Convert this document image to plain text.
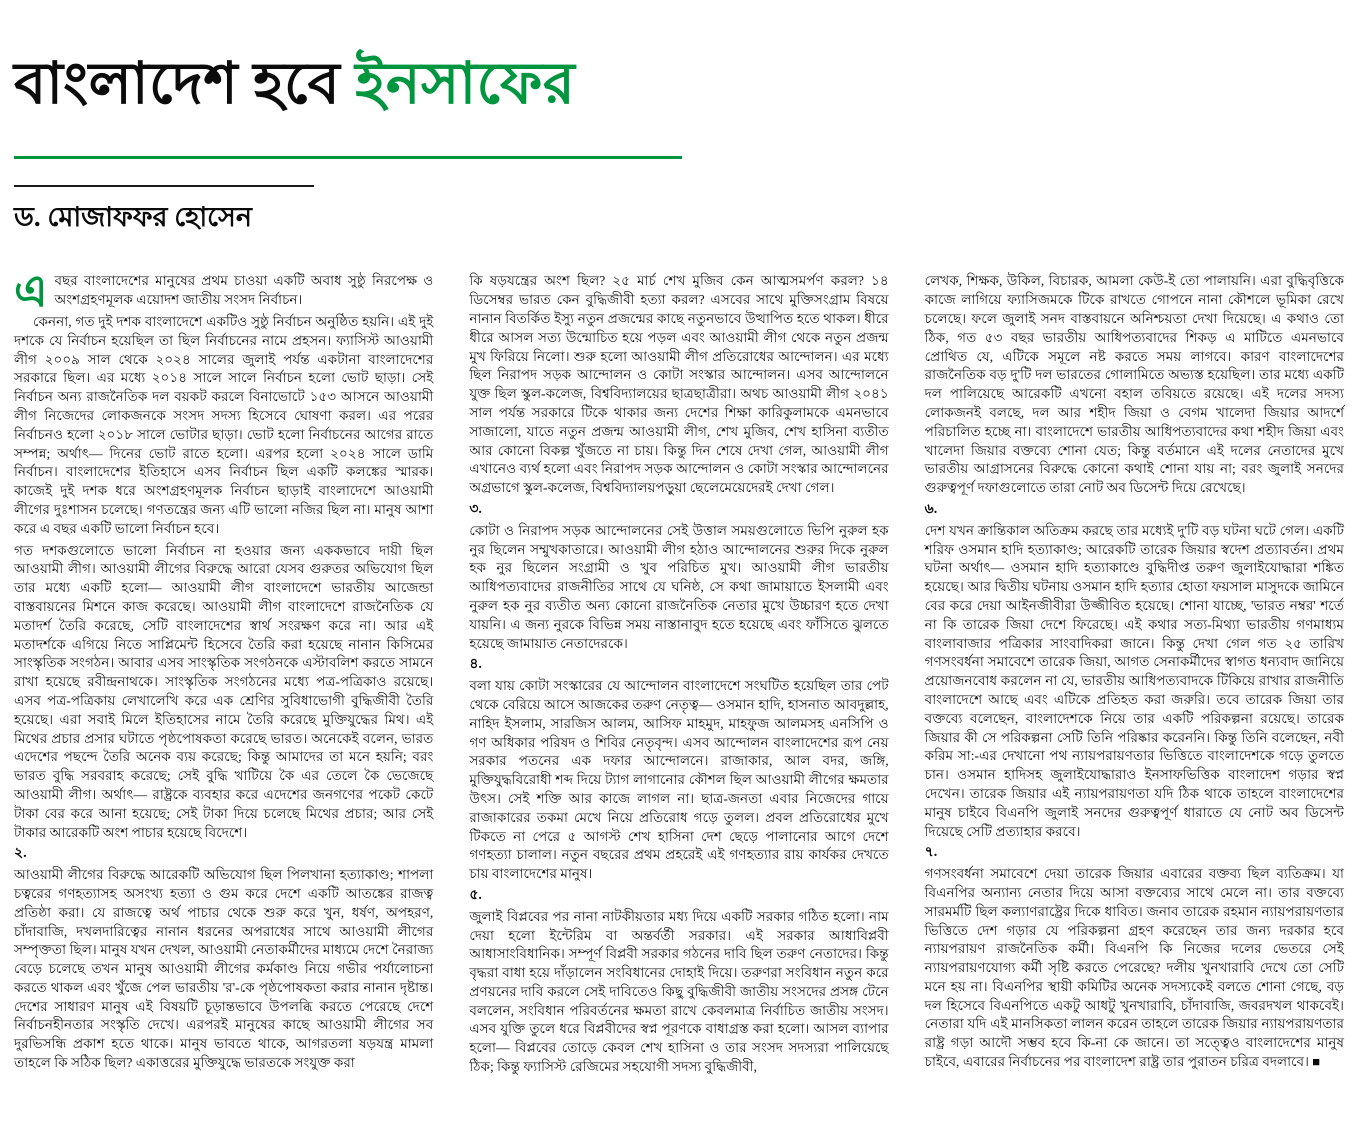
বাংলাদেশ হবে ইনসাফের
ড. মোজাফফর হোসেন

এবছর বাংলাদেশের মানুষের প্রথম চাওয়া একটি অবাধ সুষ্ঠু নিরপেক্ষ ও অংশগ্রহণমূলক এয়োদশ জাতীয় সংসদ নির্বাচন।

কেননা, গত দুই দশক বাংলাদেশে একটিও সুষ্ঠু নির্বাচন অনুষ্ঠিত হয়নি। এই দুই দশকে যে নির্বাচন হয়েছিল তা ছিল নির্বাচনের নামে প্রহসন। ফ্যাসিস্ট আওয়ামী লীগ ২০০৯ সাল থেকে ২০২৪ সালের জুলাই পর্যন্ত একটানা বাংলাদেশের সরকারে ছিল। এর মধ্যে ২০১৪ সালে সালে নির্বাচন হলো ভোট ছাড়া। সেই নির্বাচন অন্য রাজনৈতিক দল বয়কট করলে বিনাভোটে ১৫৩ আসনে আওয়ামী লীগ নিজেদের লোকজনকে সংসদ সদস্য হিসেবে ঘোষণা করল। এর পরের নির্বাচনও হলো ২০১৮ সালে ভোটার ছাড়া। ভোট হলো নির্বাচনের আগের রাতে সম্পন্ন; অর্থাৎ— দিনের ভোট রাতে হলো। এরপর হলো ২০২৪ সালে ডামি নির্বাচন। বাংলাদেশের ইতিহাসে এসব নির্বাচন ছিল একটি কলঙ্কের স্মারক। কাজেই দুই দশক ধরে অংশগ্রহণমূলক নির্বাচন ছাড়াই বাংলাদেশে আওয়ামী লীগের দুঃশাসন চলেছে। গণতন্ত্রের জন্য এটি ভালো নজির ছিল না। মানুষ আশা করে এ বছর একটি ভালো নির্বাচন হবে।

গত দশকগুলোতে ভালো নির্বাচন না হওয়ার জন্য এককভাবে দায়ী ছিল আওয়ামী লীগ। আওয়ামী লীগের বিরুদ্ধে আরো যেসব গুরুতর অভিযোগ ছিল তার মধ্যে একটি হলো— আওয়ামী লীগ বাংলাদেশে ভারতীয় আজেন্ডা বাস্তবায়নের মিশনে কাজ করেছে। আওয়ামী লীগ বাংলাদেশে রাজনৈতিক যে মতাদর্শ তৈরি করেছে, সেটি বাংলাদেশের স্বার্থ সংরক্ষণ করে না। আর এই মতাদর্শকে এগিয়ে নিতে সাপ্লিমেন্ট হিসেবে তৈরি করা হয়েছে নানান কিসিমের সাংস্কৃতিক সংগঠন। আবার এসব সাংস্কৃতিক সংগঠনকে এস্টাবলিশ করতে সামনে রাখা হয়েছে রবীন্দ্রনাথকে। সাংস্কৃতিক সংগঠনের মধ্যে পত্র-পত্রিকাও রয়েছে। এসব পত্র-পত্রিকায় লেখালেখি করে এক শ্রেণির সুবিধাভোগী বুদ্ধিজীবী তৈরি হয়েছে। এরা সবাই মিলে ইতিহাসের নামে তৈরি করেছে মুক্তিযুদ্ধের মিথ। এই মিথের প্রচার প্রসার ঘটাতে পৃষ্ঠপোষকতা করেছে ভারত। অনেকেই বলেন, ভারত এদেশের পছন্দে তৈরি অনেক ব্যয় করেছে; কিন্তু আমাদের তা মনে হয়নি; বরং ভারত বুদ্ধি সরবরাহ করেছে; সেই বুদ্ধি খাটিয়ে কৈ এর তেলে কৈ ভেজেছে আওয়ামী লীগ। অর্থাৎ— রাষ্ট্রকে ব্যবহার করে এদেশের জনগণের পকেট কেটে টাকা বের করে আনা হয়েছে; সেই টাকা দিয়ে চলেছে মিথের প্রচার; আর সেই টাকার আরেকটি অংশ পাচার হয়েছে বিদেশে।

২.

আওয়ামী লীগের বিরুদ্ধে আরেকটি অভিযোগ ছিল পিলখানা হত্যাকাণ্ড; শাপলা চত্বরের গণহত্যাসহ অসংখ্য হত্যা ও গুম করে দেশে একটি আতঙ্কের রাজত্ব প্রতিষ্ঠা করা। যে রাজত্বে অর্থ পাচার থেকে শুরু করে খুন, ধর্ষণ, অপহরণ, চাঁদাবাজি, দখলদারিত্বের নানান ধরনের অপরাধের সাথে আওয়ামী লীগের সম্পৃক্ততা ছিল। মানুষ যখন দেখল, আওয়ামী নেতাকর্মীদের মাধ্যমে দেশে নৈরাজ্য বেড়ে চলেছে তখন মানুষ আওয়ামী লীগের কর্মকাণ্ড নিয়ে গভীর পর্যালোচনা করতে থাকল এবং খুঁজে পেল ভারতীয় 'র'-কে পৃষ্ঠপোষকতা করার নানান দৃষ্টান্ত। দেশের সাধারণ মানুষ এই বিষয়টি চূড়ান্তভাবে উপলব্ধি করতে পেরেছে দেশে নির্বাচনহীনতার সংস্কৃতি দেখে। এরপরই মানুষের কাছে আওয়ামী লীগের সব দুরভিসন্ধি প্রকাশ হতে থাকে। মানুষ ভাবতে থাকে, আগরতলা ষড়যন্ত্র মামলা তাহলে কি সঠিক ছিল? একাত্তরের মুক্তিযুদ্ধে ভারতকে সংযুক্ত করা

কি ষড়যন্ত্রের অংশ ছিল? ২৫ মার্চ শেখ মুজিব কেন আত্মসমর্পণ করল? ১৪ ডিসেম্বর ভারত কেন বুদ্ধিজীবী হত্যা করল? এসবের সাথে মুক্তিসংগ্রাম বিষয়ে নানান বিতর্কিত ইস্যু নতুন প্রজন্মের কাছে নতুনভাবে উত্থাপিত হতে থাকল। ধীরে ধীরে আসল সত্য উন্মোচিত হয়ে পড়ল এবং আওয়ামী লীগ থেকে নতুন প্রজন্ম মুখ ফিরিয়ে নিলো। শুরু হলো আওয়ামী লীগ প্রতিরোধের আন্দোলন। এর মধ্যে ছিল নিরাপদ সড়ক আন্দোলন ও কোটা সংস্কার আন্দোলন। এসব আন্দোলনে যুক্ত ছিল স্কুল-কলেজ, বিশ্ববিদ্যালয়ের ছাত্রছাত্রীরা। অথচ আওয়ামী লীগ ২০৪১ সাল পর্যন্ত সরকারে টিকে থাকার জন্য দেশের শিক্ষা কারিকুলামকে এমনভাবে সাজালো, যাতে নতুন প্রজন্ম আওয়ামী লীগ, শেখ মুজিব, শেখ হাসিনা ব্যতীত আর কোনো বিকল্প খুঁজতে না চায়। কিন্তু দিন শেষে দেখা গেল, আওয়ামী লীগ এখানেও ব্যর্থ হলো এবং নিরাপদ সড়ক আন্দোলন ও কোটা সংস্কার আন্দোলনের অগ্রভাগে স্কুল-কলেজ, বিশ্ববিদ্যালয়পড়ুয়া ছেলেমেয়েদেরই দেখা গেল।

৩.

কোটা ও নিরাপদ সড়ক আন্দোলনের সেই উত্তাল সময়গুলোতে ভিপি নুরুল হক নুর ছিলেন সম্মুখকাতারে। আওয়ামী লীগ হঠাও আন্দোলনের শুরুর দিকে নুরুল হক নুর ছিলেন সংগ্রামী ও খুব পরিচিত মুখ। আওয়ামী লীগ ভারতীয় আধিপত্যবাদের রাজনীতির সাথে যে ঘনিষ্ঠ, সে কথা জামায়াতে ইসলামী এবং নুরুল হক নুর ব্যতীত অন্য কোনো রাজনৈতিক নেতার মুখে উচ্চারণ হতে দেখা যায়নি। এ জন্য নুরকে বিভিন্ন সময় নাস্তানাবুদ হতে হয়েছে এবং ফাঁসিতে ঝুলতে হয়েছে জামায়াত নেতাদেরকে।

৪.

বলা যায় কোটা সংস্কারের যে আন্দোলন বাংলাদেশে সংঘটিত হয়েছিল তার পেট থেকে বেরিয়ে আসে আজকের তরুণ নেতৃত্ব— ওসমান হাদি, হাসনাত আবদুল্লাহ, নাহিদ ইসলাম, সারজিস আলম, আসিফ মাহমুদ, মাহফুজ আলমসহ এনসিপি ও গণ অধিকার পরিষদ ও শিবির নেতৃবৃন্দ। এসব আন্দোলন বাংলাদেশের রূপ নেয় সরকার পতনের এক দফার আন্দোলনে। রাজাকার, আল বদর, জঙ্গি, মুক্তিযুদ্ধবিরোধী শব্দ দিয়ে ট্যাগ লাগানোর কৌশল ছিল আওয়ামী লীগের ক্ষমতার উৎস। সেই শক্তি আর কাজে লাগল না। ছাত্র-জনতা এবার নিজেদের গায়ে রাজাকারের তকমা মেখে নিয়ে প্রতিরোধ গড়ে তুলল। প্রবল প্রতিরোধের মুখে টিকতে না পেরে ৫ আগস্ট শেখ হাসিনা দেশ ছেড়ে পালানোর আগে দেশে গণহত্যা চালাল। নতুন বছরের প্রথম প্রহরেই এই গণহত্যার রায় কার্যকর দেখতে চায় বাংলাদেশের মানুষ।

৫.

জুলাই বিপ্লবের পর নানা নাটকীয়তার মধ্য দিয়ে একটি সরকার গঠিত হলো। নাম দেয়া হলো ইন্টেরিম বা অন্তর্বর্তী সরকার। এই সরকার আধাবিপ্লবী আধাসাংবিধানিক। সম্পূর্ণ বিপ্লবী সরকার গঠনের দাবি ছিল তরুণ নেতাদের। কিন্তু বৃদ্ধরা বাধা হয়ে দাঁড়ালেন সংবিধানের দোহাই দিয়ে। তরুণরা সংবিধান নতুন করে প্রণয়নের দাবি করলে সেই দাবিতেও কিছু বুদ্ধিজীবী জাতীয় সংসদের প্রসঙ্গ টেনে বললেন, সংবিধান পরিবর্তনের ক্ষমতা রাখে কেবলমাত্র নির্বাচিত জাতীয় সংসদ। এসব যুক্তি তুলে ধরে বিপ্লবীদের স্বপ্ন পূরণকে বাধাগ্রস্ত করা হলো। আসল ব্যাপার হলো— বিপ্লবের তোড়ে কেবল শেখ হাসিনা ও তার সংসদ সদস্যরা পালিয়েছে ঠিক; কিন্তু ফ্যাসিস্ট রেজিমের সহযোগী সদস্য বুদ্ধিজীবী,

লেখক, শিক্ষক, উকিল, বিচারক, আমলা কেউ-ই তো পালায়নি। এরা বুদ্ধিবৃত্তিকে কাজে লাগিয়ে ফ্যাসিজমকে টিকে রাখতে গোপনে নানা কৌশলে ভূমিকা রেখে চলেছে। ফলে জুলাই সনদ বাস্তবায়নে অনিশ্চয়তা দেখা দিয়েছে। এ কথাও তো ঠিক, গত ৫৩ বছর ভারতীয় আধিপত্যবাদের শিকড় এ মাটিতে এমনভাবে প্রোথিত যে, এটিকে সমূলে নষ্ট করতে সময় লাগবে। কারণ বাংলাদেশের রাজনৈতিক বড় দু'টি দল ভারতের গোলামিতে অভ্যস্ত হয়েছিল। তার মধ্যে একটি দল পালিয়েছে আরেকটি এখনো বহাল তবিয়তে রয়েছে। এই দলের সদস্য লোকজনই বলছে, দল আর শহীদ জিয়া ও বেগম খালেদা জিয়ার আদর্শে পরিচালিত হচ্ছে না। বাংলাদেশে ভারতীয় আধিপত্যবাদের কথা শহীদ জিয়া এবং খালেদা জিয়ার বক্তব্যে শোনা যেত; কিন্তু বর্তমানে এই দলের নেতাদের মুখে ভারতীয় আগ্রাসনের বিরুদ্ধে কোনো কথাই শোনা যায় না; বরং জুলাই সনদের গুরুত্বপূর্ণ দফাগুলোতে তারা নোট অব ডিসেন্ট দিয়ে রেখেছে।

৬.

দেশ যখন ক্রান্তিকাল অতিক্রম করছে তার মধ্যেই দু'টি বড় ঘটনা ঘটে গেল। একটি শরিফ ওসমান হাদি হত্যাকাণ্ড; আরেকটি তারেক জিয়ার স্বদেশ প্রত্যাবর্তন। প্রথম ঘটনা অর্থাৎ— ওসমান হাদি হত্যাকাণ্ডে বুদ্ধিদীপ্ত তরুণ জুলাইযোদ্ধারা শঙ্কিত হয়েছে। আর দ্বিতীয় ঘটনায় ওসমান হাদি হত্যার হোতা ফয়সাল মাসুদকে জামিনে বের করে দেয়া আইনজীবীরা উজ্জীবিত হয়েছে। শোনা যাচ্ছে, 'ভারত নম্বর' শর্তে না কি তারেক জিয়া দেশে ফিরেছে। এই কথার সত্য-মিথ্যা ভারতীয় গণমাধ্যম বাংলাবাজার পত্রিকার সাংবাদিকরা জানে। কিন্তু দেখা গেল গত ২৫ তারিখ গণসংবর্ধনা সমাবেশে তারেক জিয়া, আগত সেনাকর্মীদের স্বাগত ধন্যবাদ জানিয়ে প্রয়োজনবোধ করলেন না যে, ভারতীয় আধিপত্যবাদকে টিকিয়ে রাখার রাজনীতি বাংলাদেশে আছে এবং এটিকে প্রতিহত করা জরুরি। তবে তারেক জিয়া তার বক্তব্যে বলেছেন, বাংলাদেশকে নিয়ে তার একটি পরিকল্পনা রয়েছে। তারেক জিয়ার কী সে পরিকল্পনা সেটি তিনি পরিষ্কার করেননি। কিন্তু তিনি বলেছেন, নবী করিম সা:-এর দেখানো পথ ন্যায়পরায়ণতার ভিত্তিতে বাংলাদেশকে গড়ে তুলতে চান। ওসমান হাদিসহ জুলাইযোদ্ধারাও ইনসাফভিত্তিক বাংলাদেশ গড়ার স্বপ্ন দেখেন। তারেক জিয়ার এই ন্যায়পরায়ণতা যদি ঠিক থাকে তাহলে বাংলাদেশের মানুষ চাইবে বিএনপি জুলাই সনদের গুরুত্বপূর্ণ ধারাতে যে নোট অব ডিসেন্ট দিয়েছে সেটি প্রত্যাহার করবে।

৭.

গণসংবর্ধনা সমাবেশে দেয়া তারেক জিয়ার এবারের বক্তব্য ছিল ব্যতিক্রম। যা বিএনপির অন্যান্য নেতার দিয়ে আসা বক্তব্যের সাথে মেলে না। তার বক্তব্যে সারমর্মটি ছিল কল্যাণরাষ্ট্রের দিকে ধাবিত। জনাব তারেক রহমান ন্যায়পরায়ণতার ভিত্তিতে দেশ গড়ার যে পরিকল্পনা গ্রহণ করেছেন তার জন্য দরকার হবে ন্যায়পরায়ণ রাজনৈতিক কর্মী। বিএনপি কি নিজের দলের ভেতরে সেই ন্যায়পরায়ণযোগ্য কর্মী সৃষ্টি করতে পেরেছে? দলীয় খুনখারাবি দেখে তো সেটি মনে হয় না। বিএনপির স্থায়ী কমিটির অনেক সদস্যকেই বলতে শোনা গেছে, বড় দল হিসেবে বিএনপিতে একটু আধটু খুনখারাবি, চাঁদাবাজি, জবরদখল থাকবেই। নেতারা যদি এই মানসিকতা লালন করেন তাহলে তারেক জিয়ার ন্যায়পরায়ণতার রাষ্ট্র গড়া আদৌ সম্ভব হবে কি-না কে জানে। তা সত্ত্বেও বাংলাদেশের মানুষ চাইবে, এবারের নির্বাচনের পর বাংলাদেশ রাষ্ট্র তার পুরাতন চরিত্র বদলাবে। ■
